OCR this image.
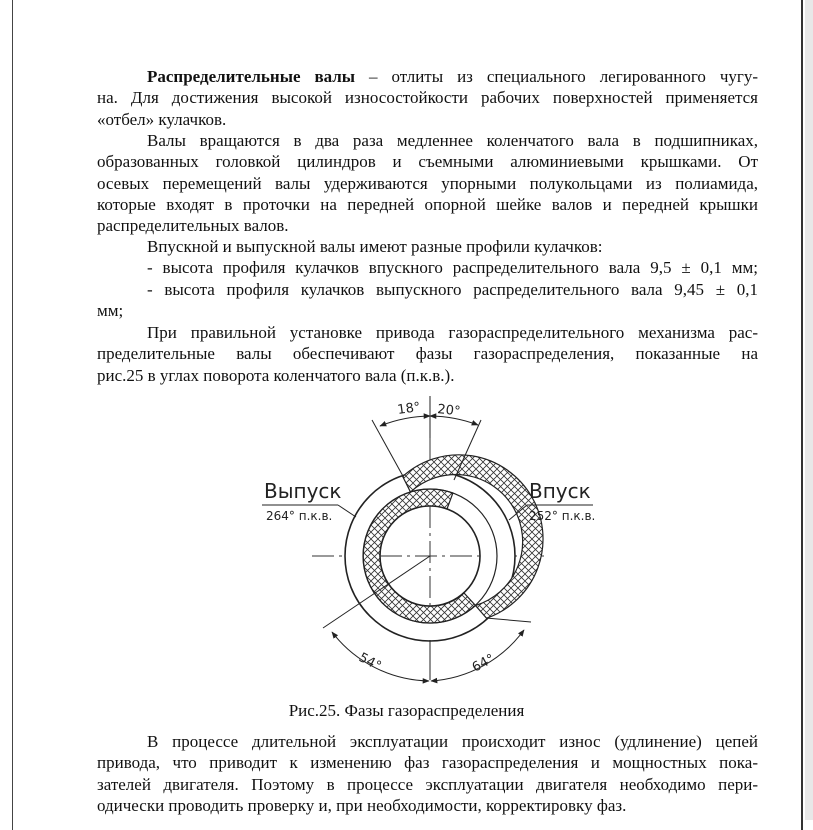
Распределительные валы – отлиты из специального легированного чугу-
на. Для достижения высокой износостойкости рабочих поверхностей применяется
«отбел» кулачков.
Валы вращаются в два раза медленнее коленчатого вала в подшипниках,
образованных головкой цилиндров и съемными алюминиевыми крышками. От
осевых перемещений валы удерживаются упорными полукольцами из полиамида,
которые входят в проточки на передней опорной шейке валов и передней крышки
распределительных валов.
Впускной и выпускной валы имеют разные профили кулачков:
- высота профиля кулачков впускного распределительного вала 9,5 ± 0,1 мм;
- высота профиля кулачков выпускного распределительного вала 9,45 ± 0,1
мм;
При правильной установке привода газораспределительного механизма рас-
пределительные валы обеспечивают фазы газораспределения, показанные на
рис.25 в углах поворота коленчатого вала (п.к.в.).
18° 20°
Выпуск
264° п.к.в.
Впуск
252° п.к.в.
54°	64°
Рис.25. Фазы газораспределения
В процессе длительной эксплуатации происходит износ (удлинение) цепей
привода, что приводит к изменению фаз газораспределения и мощностных пока-
зателей двигателя. Поэтому в процессе эксплуатации двигателя необходимо пери-
одически проводить проверку и, при необходимости, корректировку фаз.
